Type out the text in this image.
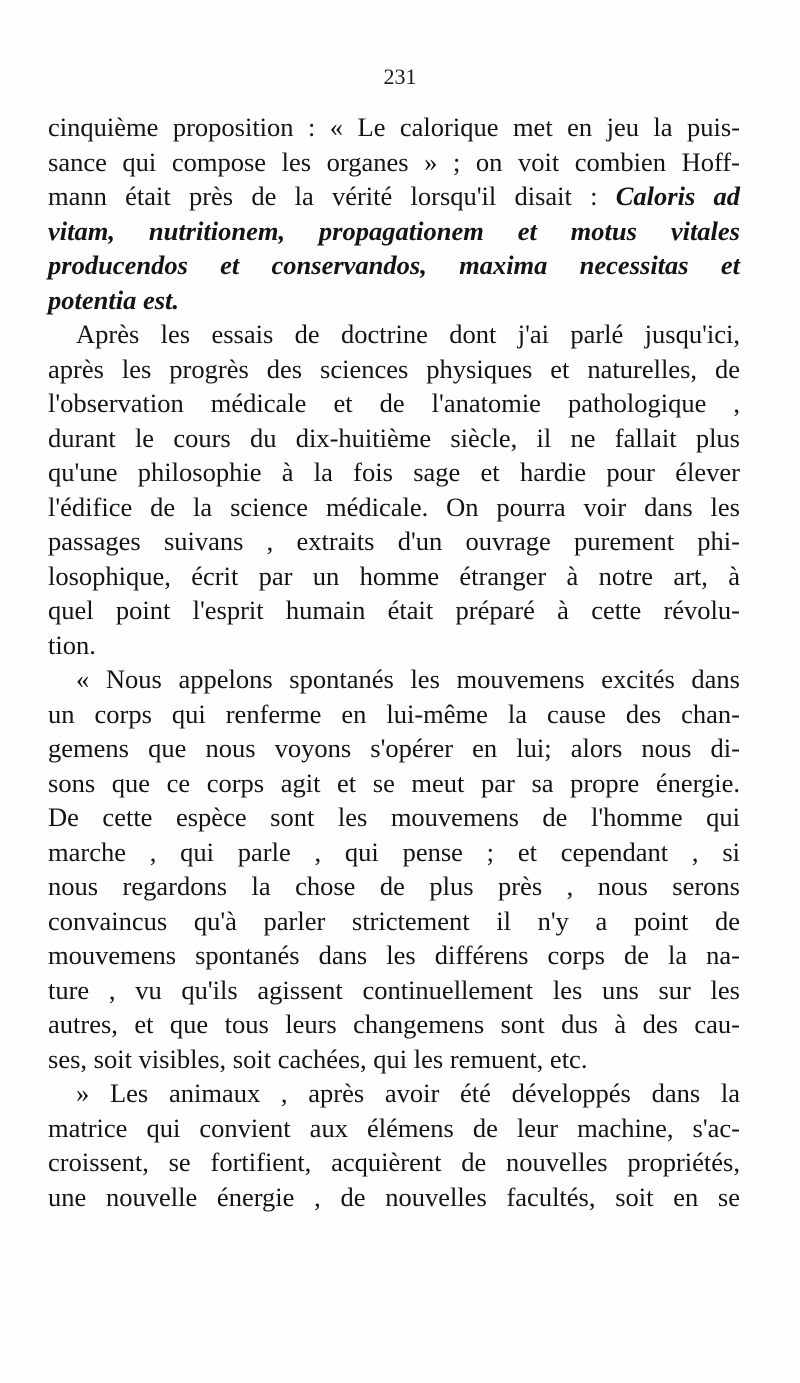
231
cinquième proposition : « Le calorique met en jeu la puis-
sance qui compose les organes » ; on voit combien Hoff-
mann était près de la vérité lorsqu'il disait : Caloris ad
vitam, nutritionem, propagationem et motus vitales
producendos et conservandos, maxima necessitas et
potentia est.
Après les essais de doctrine dont j'ai parlé jusqu'ici,
après les progrès des sciences physiques et naturelles, de
l'observation médicale et de l'anatomie pathologique ,
durant le cours du dix-huitième siècle, il ne fallait plus
qu'une philosophie à la fois sage et hardie pour élever
l'édifice de la science médicale. On pourra voir dans les
passages suivans , extraits d'un ouvrage purement phi-
losophique, écrit par un homme étranger à notre art, à
quel point l'esprit humain était préparé à cette révolu-
tion.
« Nous appelons spontanés les mouvemens excités dans
un corps qui renferme en lui-même la cause des chan-
gemens que nous voyons s'opérer en lui; alors nous di-
sons que ce corps agit et se meut par sa propre énergie.
De cette espèce sont les mouvemens de l'homme qui
marche , qui parle , qui pense ; et cependant , si
nous regardons la chose de plus près , nous serons
convaincus qu'à parler strictement il n'y a point de
mouvemens spontanés dans les différens corps de la na-
ture , vu qu'ils agissent continuellement les uns sur les
autres, et que tous leurs changemens sont dus à des cau-
ses, soit visibles, soit cachées, qui les remuent, etc.
» Les animaux , après avoir été développés dans la
matrice qui convient aux élémens de leur machine, s'ac-
croissent, se fortifient, acquièrent de nouvelles propriétés,
une nouvelle énergie , de nouvelles facultés, soit en se
